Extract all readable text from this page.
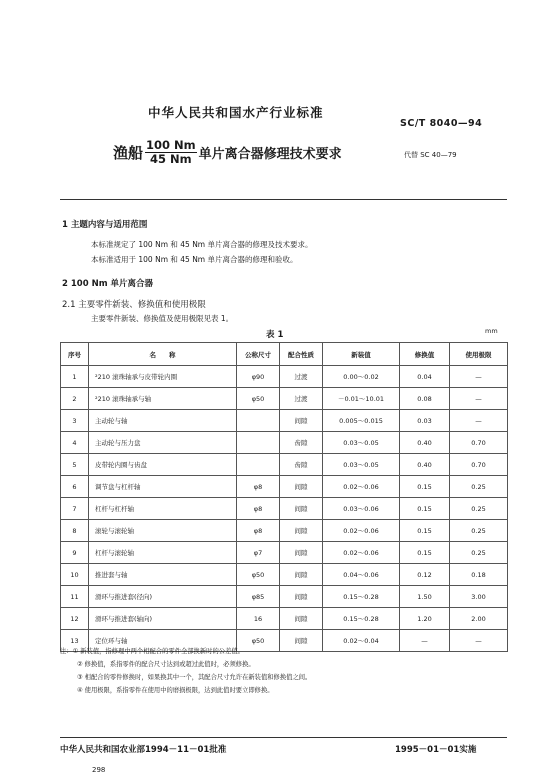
中华人民共和国水产行业标准
SC/T 8040—94
渔船 $\frac{100 Nm}{45 Nm}$ 单片离合器修理技术要求	代替 SC 40—79
1 主题内容与适用范围
本标准规定了 100 Nm 和 45 Nm 单片离合器的修理及技术要求。
本标准适用于 100 Nm 和 45 Nm 单片离合器的修理和验收。
2 100 Nm 单片离合器
2.1 主要零件新装、修换值和使用极限
主要零件新装、修换值及使用极限见表 1。
表 1	mm
序号	名　　称	公称尺寸	配合性质	新装值	修换值	使用极限
1	²210 滚珠轴承与皮带轮内圈	φ90	过渡	0.00～0.02	0.04	—
2	²210 滚珠轴承与轴	φ50	过渡	－0.01～10.01	0.08	—
3	主动轮与轴		间隙	0.005～0.015	0.03	—
4	主动轮与压力盘		齿隙	0.03～0.05	0.40	0.70
5	皮带轮内圈与齿盘		齿隙	0.03～0.05	0.40	0.70
6	调节盘与杠杆轴	φ8	间隙	0.02～0.06	0.15	0.25
7	杠杆与杠杆轴	φ8	间隙	0.03～0.06	0.15	0.25
8	滚轮与滚轮轴	φ8	间隙	0.02～0.06	0.15	0.25
9	杠杆与滚轮轴	φ7	间隙	0.02～0.06	0.15	0.25
10	推进套与轴	φ50	间隙	0.04～0.06	0.12	0.18
11	滑环与推进套(径向)	φ85	间隙	0.15～0.28	1.50	3.00
12	滑环与推进套(轴向)	16	间隙	0.15～0.28	1.20	2.00
13	定位环与轴	φ50	间隙	0.02～0.04	—	—
注：① 新装值，指修理中两个相配合的零件全部换新时的公差值。
② 修换值，系指零件的配合尺寸达到或超过此值时，必须修换。
③ 相配合的零件修换时，如果换其中一个，其配合尺寸允许在新装值和修换值之间。
④ 使用极限，系指零件在使用中的磨损极限，达到此值时要立即修换。
中华人民共和国农业部1994－11－01批准	1995－01－01实施
298
